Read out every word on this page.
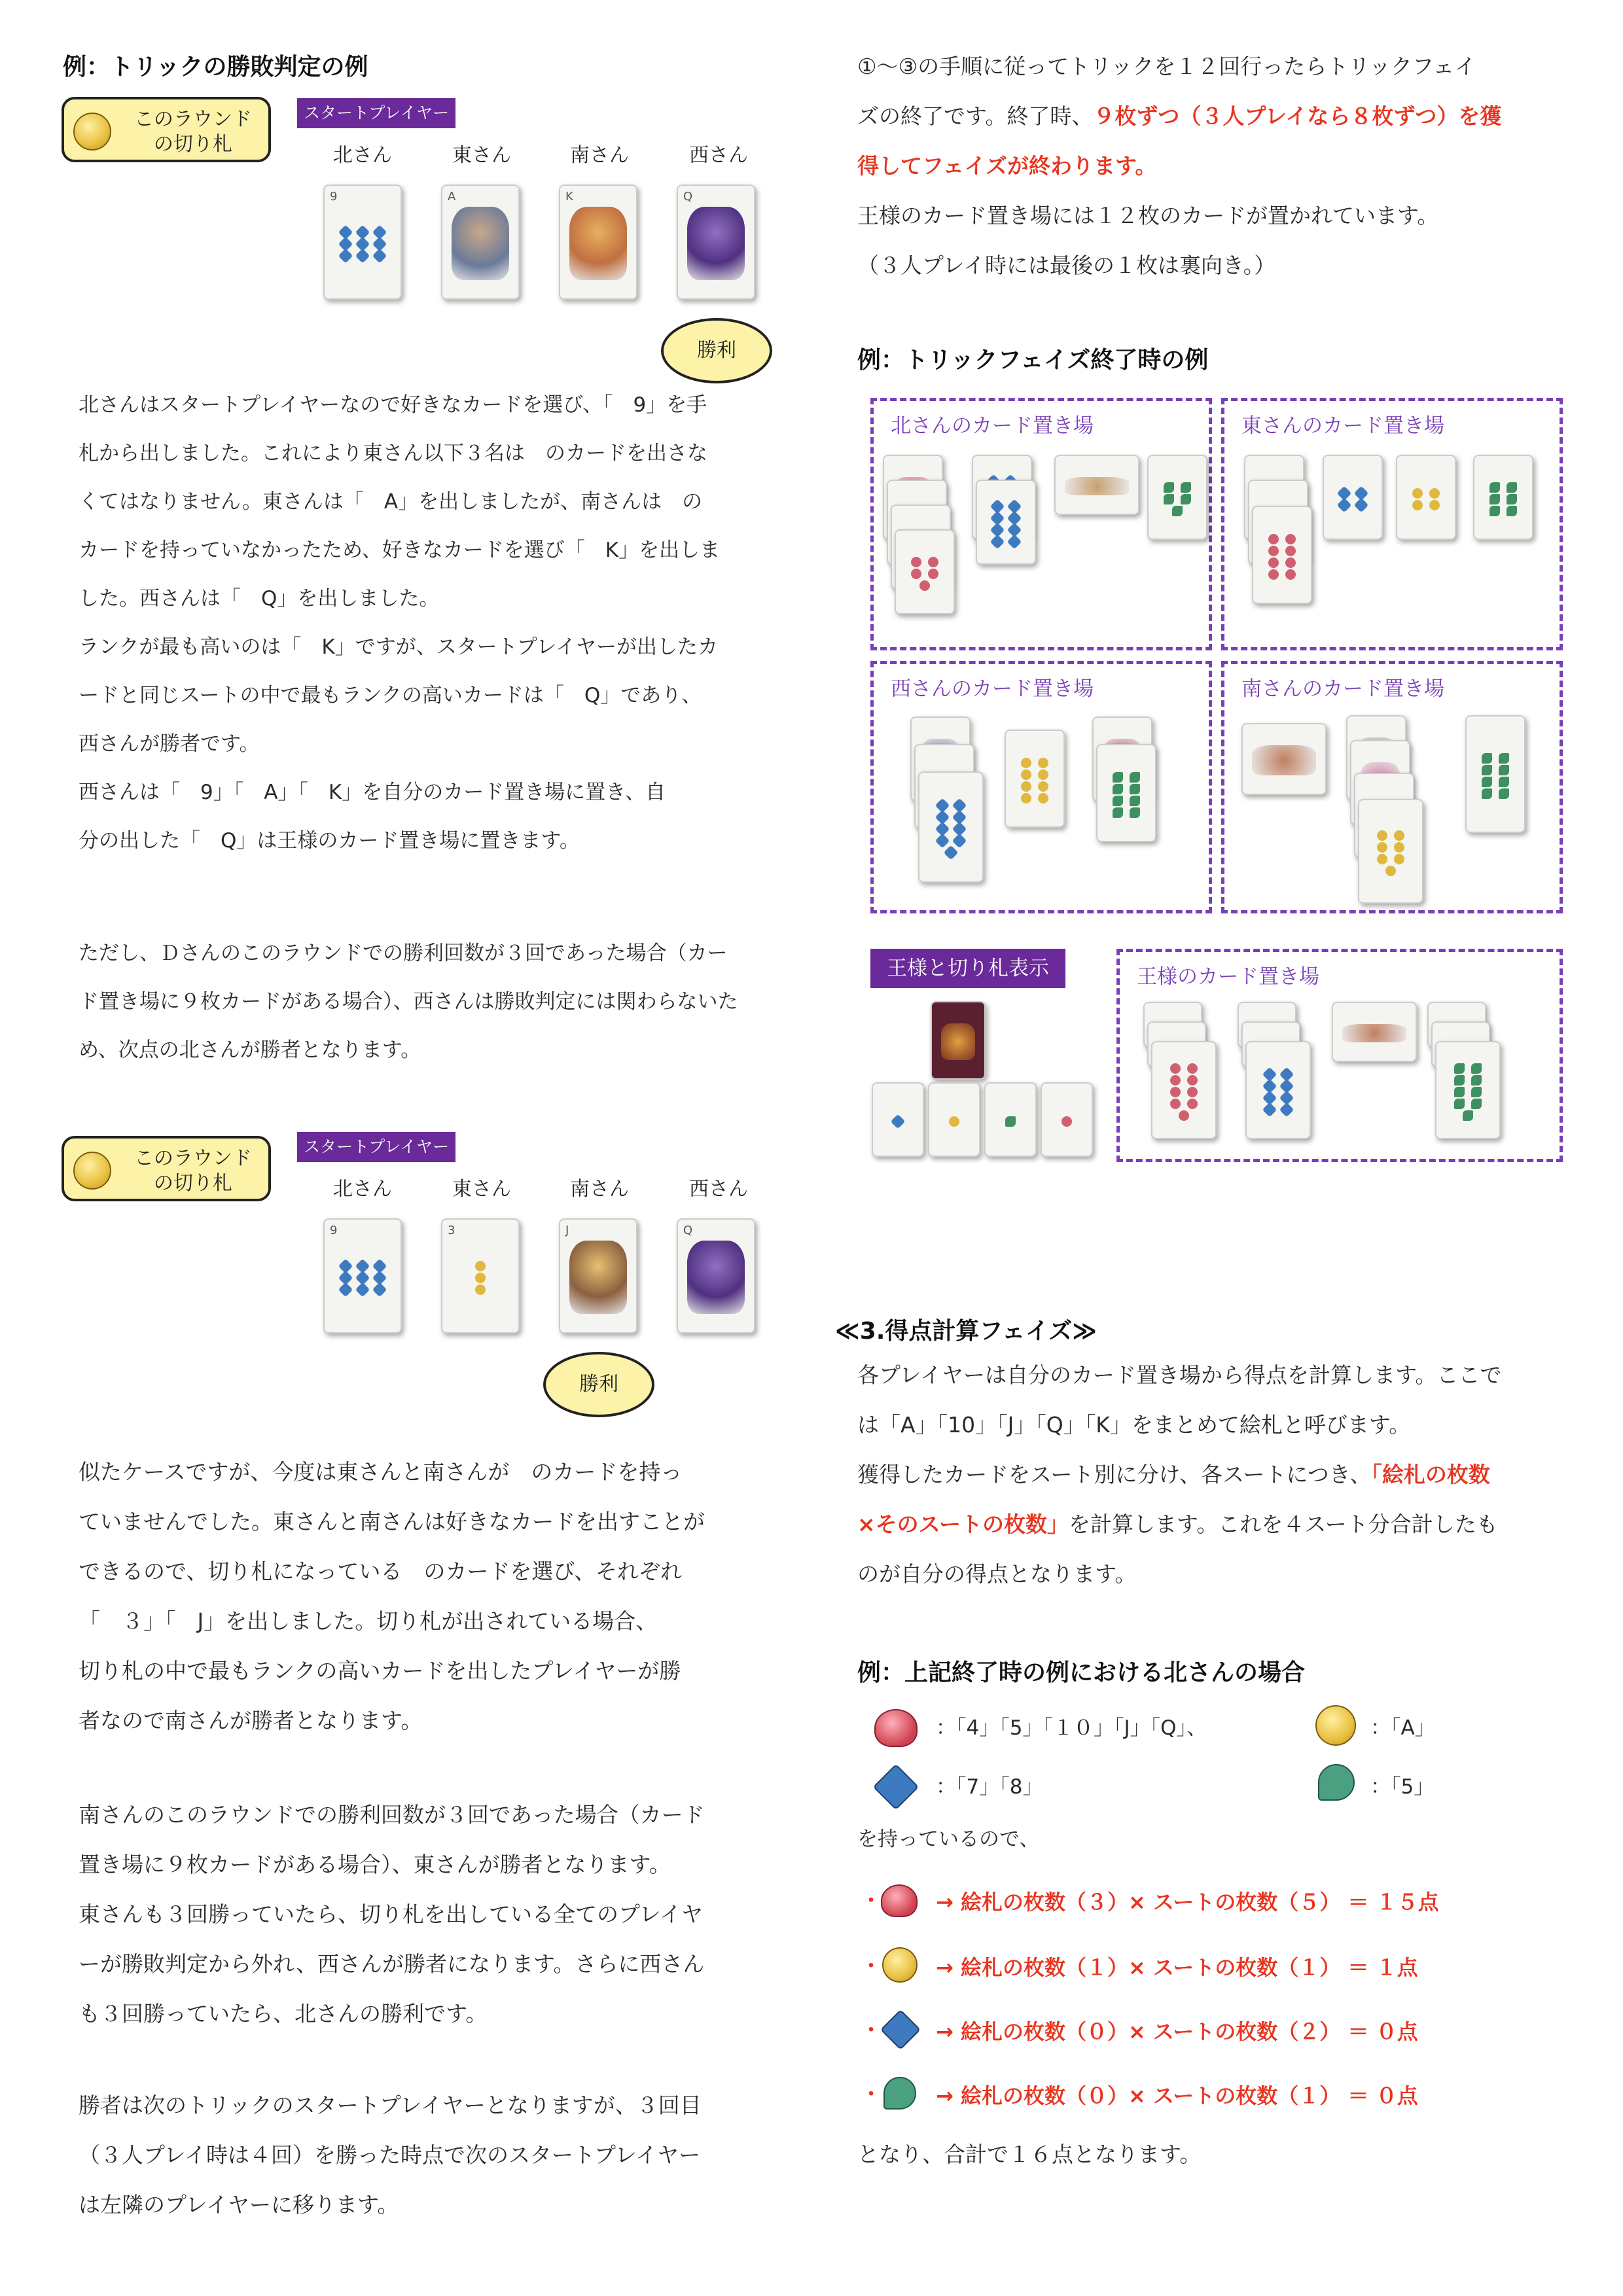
例：トリックの勝敗判定の例
このラウンド
の切り札
スタートプレイヤー
北さん	東さん	南さん	西さん
9	A	K	Q
勝利

北さんはスタートプレイヤーなので好きなカードを選び、「　9」を手

札から出しました。これにより東さん以下３名は　のカードを出さな

くてはなりません。東さんは「　A」を出しましたが、南さんは　の

カードを持っていなかったため、好きなカードを選び「　K」を出しま

した。西さんは「　Q」を出しました。

ランクが最も高いのは「　K」ですが、スタートプレイヤーが出したカ

ードと同じスートの中で最もランクの高いカードは「　Q」であり、

西さんが勝者です。

西さんは「　9」「　A」「　K」を自分のカード置き場に置き、自

分の出した「　Q」は王様のカード置き場に置きます。

ただし、Ｄさんのこのラウンドでの勝利回数が３回であった場合（カー

ド置き場に９枚カードがある場合）、西さんは勝敗判定には関わらないた

め、次点の北さんが勝者となります。

このラウンド
の切り札
スタートプレイヤー
北さん	東さん	南さん	西さん
9	3	J	Q
勝利

似たケースですが、今度は東さんと南さんが　のカードを持っ

ていませんでした。東さんと南さんは好きなカードを出すことが

できるので、切り札になっている　のカードを選び、それぞれ

「　３」「　J」を出しました。切り札が出されている場合、

切り札の中で最もランクの高いカードを出したプレイヤーが勝

者なので南さんが勝者となります。

南さんのこのラウンドでの勝利回数が３回であった場合（カード

置き場に９枚カードがある場合）、東さんが勝者となります。

東さんも３回勝っていたら、切り札を出している全てのプレイヤ

ーが勝敗判定から外れ、西さんが勝者になります。さらに西さん

も３回勝っていたら、北さんの勝利です。

勝者は次のトリックのスタートプレイヤーとなりますが、３回目

（３人プレイ時は４回）を勝った時点で次のスタートプレイヤー

は左隣のプレイヤーに移ります。

①～③の手順に従ってトリックを１２回行ったらトリックフェイ

ズの終了です。終了時、９枚ずつ（３人プレイなら８枚ずつ）を獲

得してフェイズが終わります。

王様のカード置き場には１２枚のカードが置かれています。

（３人プレイ時には最後の１枚は裏向き。）

例：トリックフェイズ終了時の例
北さんのカード置き場	東さんのカード置き場
西さんのカード置き場	南さんのカード置き場
王様と切り札表示	王様のカード置き場
≪3.得点計算フェイズ≫

各プレイヤーは自分のカード置き場から得点を計算します。ここで

は「A」「10」「J」「Q」「K」をまとめて絵札と呼びます。

獲得したカードをスート別に分け、各スートにつき、「絵札の枚数

×そのスートの枚数」を計算します。これを４スート分合計したも

のが自分の得点となります。

例：上記終了時の例における北さんの場合
：「4」「5」「１０」「J」「Q」、	：「A」
：「7」「8」	：「5」
を持っているので、
・	→ 絵札の枚数（３）× スートの枚数（５） ＝ １５点
・	→ 絵札の枚数（１）× スートの枚数（１） ＝ １点
・	→ 絵札の枚数（０）× スートの枚数（２） ＝ ０点
・	→ 絵札の枚数（０）× スートの枚数（１） ＝ ０点
となり、合計で１６点となります。
